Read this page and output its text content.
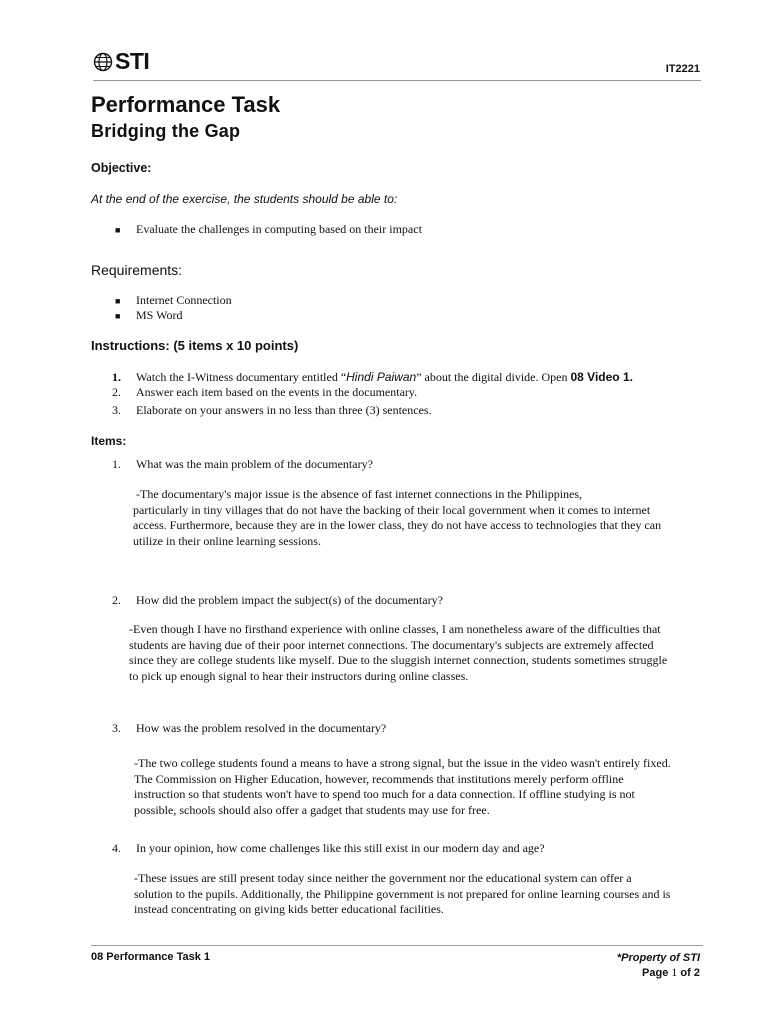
STI	IT2221
Performance Task
Bridging the Gap
Objective:
At the end of the exercise, the students should be able to:
■ Evaluate the challenges in computing based on their impact
Requirements:
■ Internet Connection
■ MS Word
Instructions: (5 items x 10 points)
1. Watch the I-Witness documentary entitled “Hindi Paiwan” about the digital divide. Open 08 Video 1.
2. Answer each item based on the events in the documentary.
3. Elaborate on your answers in no less than three (3) sentences.
Items:
1. What was the main problem of the documentary?
-The documentary's major issue is the absence of fast internet connections in the Philippines,
particularly in tiny villages that do not have the backing of their local government when it comes to internet
access. Furthermore, because they are in the lower class, they do not have access to technologies that they can
utilize in their online learning sessions.
2. How did the problem impact the subject(s) of the documentary?
-Even though I have no firsthand experience with online classes, I am nonetheless aware of the difficulties that
students are having due of their poor internet connections. The documentary's subjects are extremely affected
since they are college students like myself. Due to the sluggish internet connection, students sometimes struggle
to pick up enough signal to hear their instructors during online classes.
3. How was the problem resolved in the documentary?
-The two college students found a means to have a strong signal, but the issue in the video wasn't entirely fixed.
The Commission on Higher Education, however, recommends that institutions merely perform offline
instruction so that students won't have to spend too much for a data connection. If offline studying is not
possible, schools should also offer a gadget that students may use for free.
4. In your opinion, how come challenges like this still exist in our modern day and age?
-These issues are still present today since neither the government nor the educational system can offer a
solution to the pupils. Additionally, the Philippine government is not prepared for online learning courses and is
instead concentrating on giving kids better educational facilities.
08 Performance Task 1	*Property of STI
Page 1 of 2
